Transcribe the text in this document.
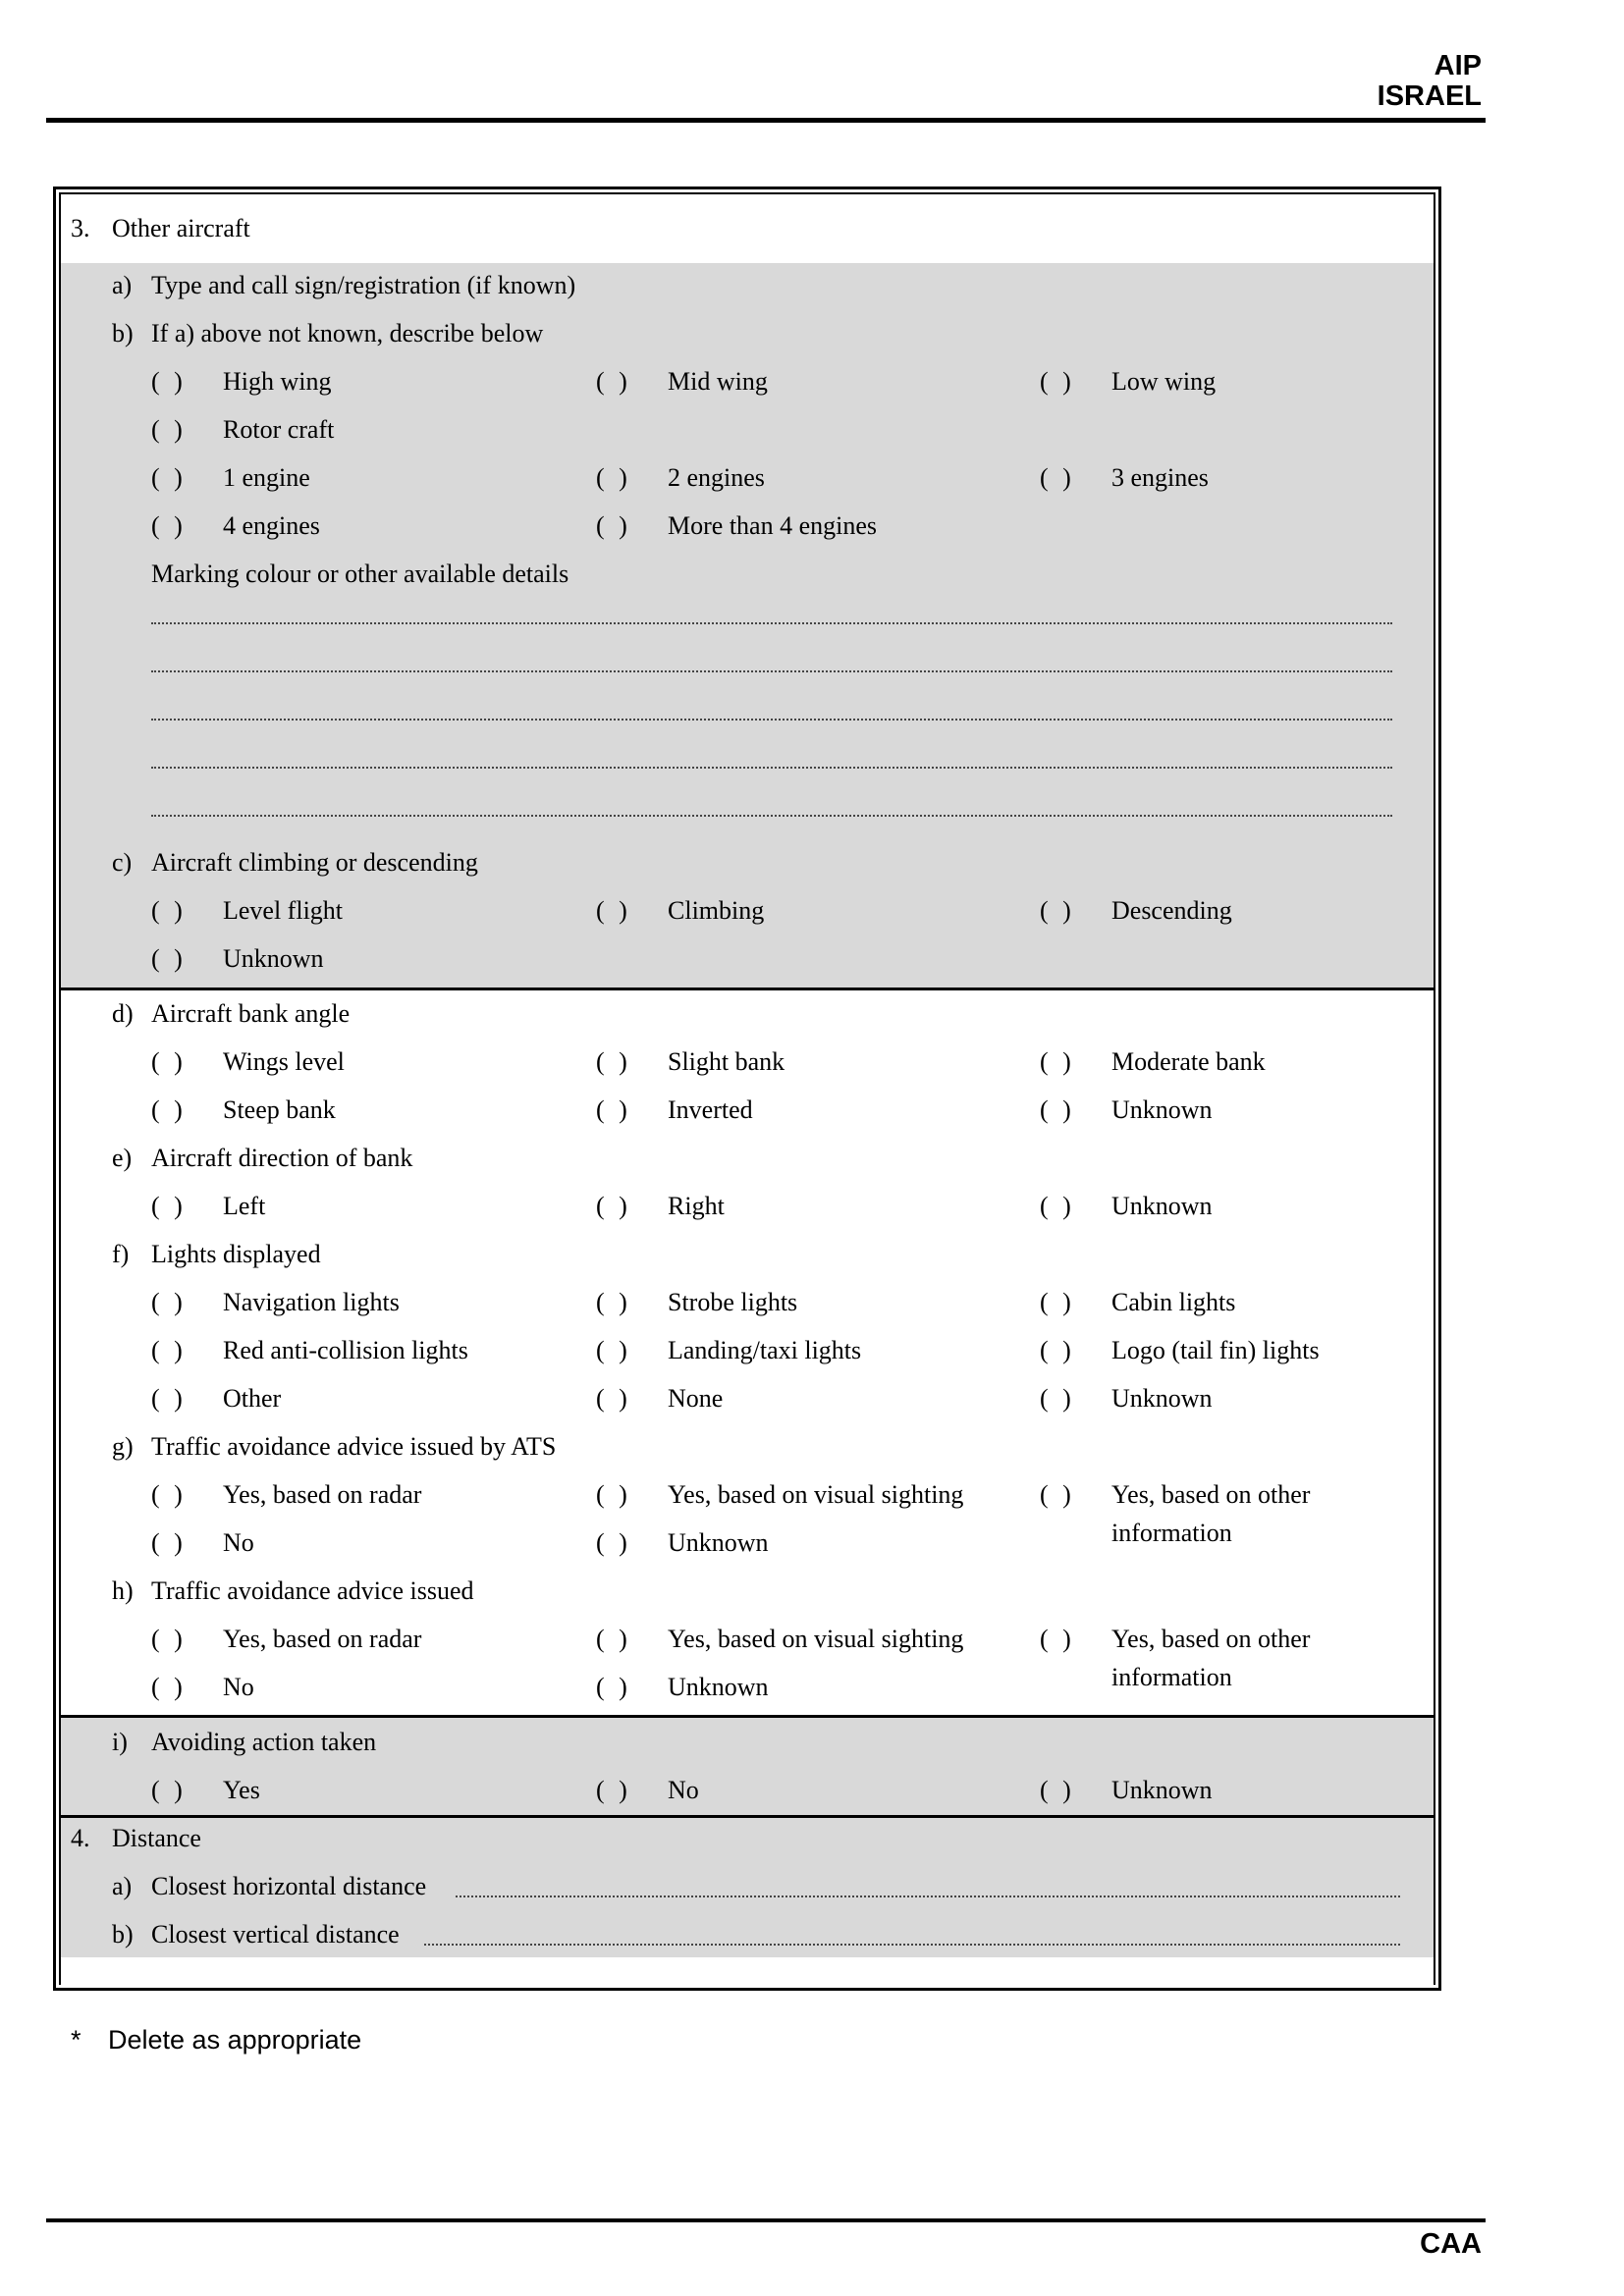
AIP
ISRAEL
3. Other aircraft
a) Type and call sign/registration (if known)
b) If a) above not known, describe below
( ) High wing	( ) Mid wing	( ) Low wing
( ) Rotor craft
( ) 1 engine	( ) 2 engines	( ) 3 engines
( ) 4 engines	( ) More than 4 engines
Marking colour or other available details
c) Aircraft climbing or descending
( ) Level flight	( ) Climbing	( ) Descending
( ) Unknown
d) Aircraft bank angle
( ) Wings level	( ) Slight bank	( ) Moderate bank
( ) Steep bank	( ) Inverted	( ) Unknown
e) Aircraft direction of bank
( ) Left	( ) Right	( ) Unknown
f) Lights displayed
( ) Navigation lights	( ) Strobe lights	( ) Cabin lights
( ) Red anti-collision lights	( ) Landing/taxi lights	( ) Logo (tail fin) lights
( ) Other	( ) None	( ) Unknown
g) Traffic avoidance advice issued by ATS
( ) Yes, based on radar	( ) Yes, based on visual sighting	( ) Yes, based on other
information
( ) No	( ) Unknown
h) Traffic avoidance advice issued
( ) Yes, based on radar	( ) Yes, based on visual sighting	( ) Yes, based on other
information
( ) No	( ) Unknown
i) Avoiding action taken
( ) Yes	( ) No	( ) Unknown
4. Distance
a) Closest horizontal distance
b) Closest vertical distance
* Delete as appropriate
CAA
